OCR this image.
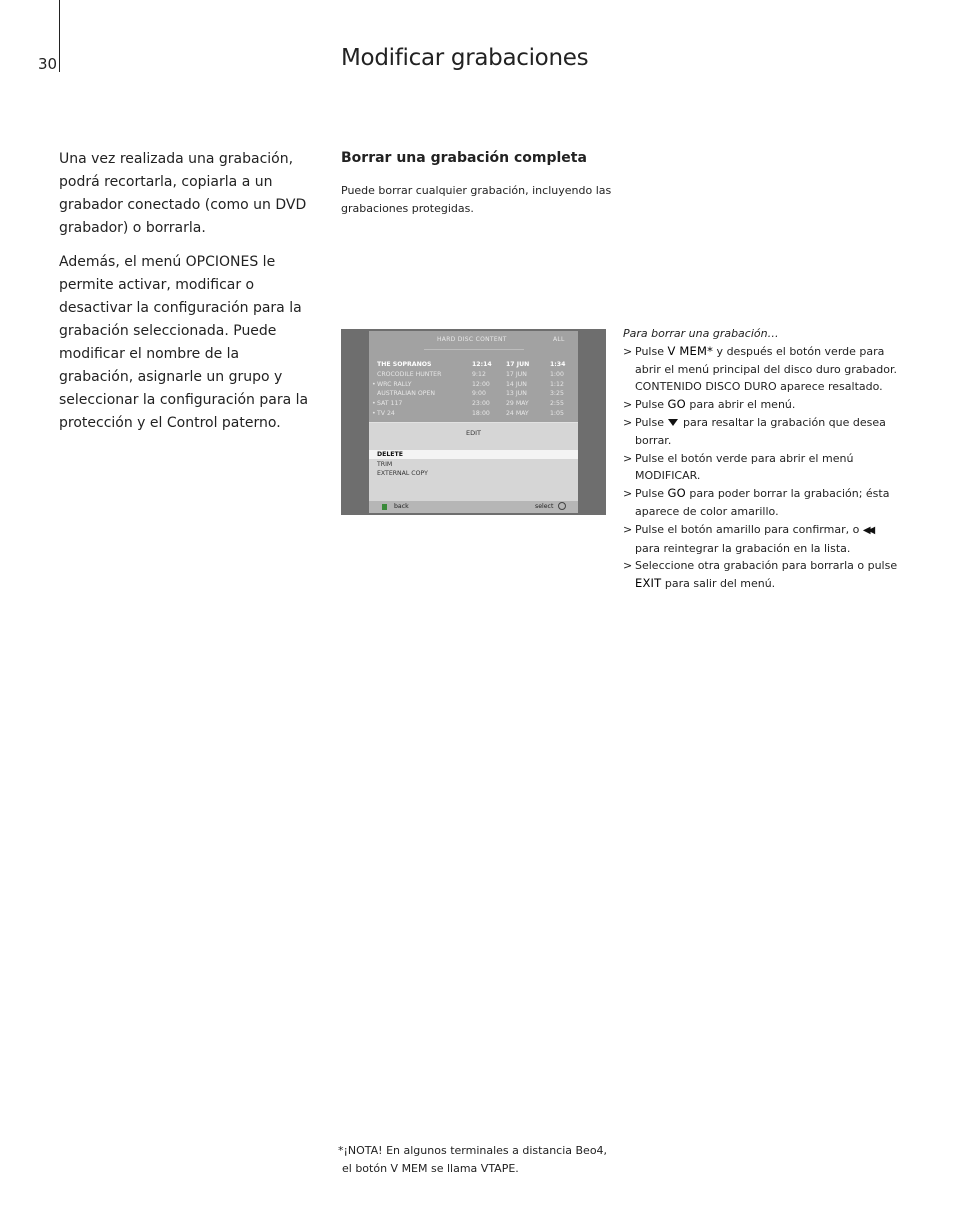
30	Modificar grabaciones

Una vez realizada una grabación, podrá recortarla, copiarla a un grabador conectado (como un DVD grabador) o borrarla.

Además, el menú OPCIONES le permite activar, modificar o desactivar la configuración para la grabación seleccionada. Puede modificar el nombre de la grabación, asignarle un grupo y seleccionar la configuración para la protección y el Control paterno.

Borrar una grabación completa
Puede borrar cualquier grabación, incluyendo las grabaciones protegidas.
HARD DISC CONTENT	ALL
THE SOPRANOS	12:14 17 JUN	1:34
CROCODILE HUNTER	9:12	17 JUN	1:00
• WRC RALLY	12:00	14 JUN	1:12
AUSTRALIAN OPEN	9:00	13 JUN	3:25
• SAT 117	23:00	29 MAY	2:55
• TV 24	18:00	24 MAY	1:05
EDIT
DELETE
TRIM
EXTERNAL COPY
back	select
Para borrar una grabación…
> Pulse V MEM* y después el botón verde para abrir el menú principal del disco duro grabador. CONTENIDO DISCO DURO aparece resaltado.
> Pulse GO para abrir el menú.
> Pulse  para resaltar la grabación que desea borrar.
> Pulse el botón verde para abrir el menú MODIFICAR.
> Pulse GO para poder borrar la grabación; ésta aparece de color amarillo.
> Pulse el botón amarillo para confirmar, o ◀◀para reintegrar la grabación en la lista.
> Seleccione otra grabación para borrarla o pulse EXIT para salir del menú.
*¡NOTA! En algunos terminales a distancia Beo4,
el botón V MEM se llama VTAPE.
